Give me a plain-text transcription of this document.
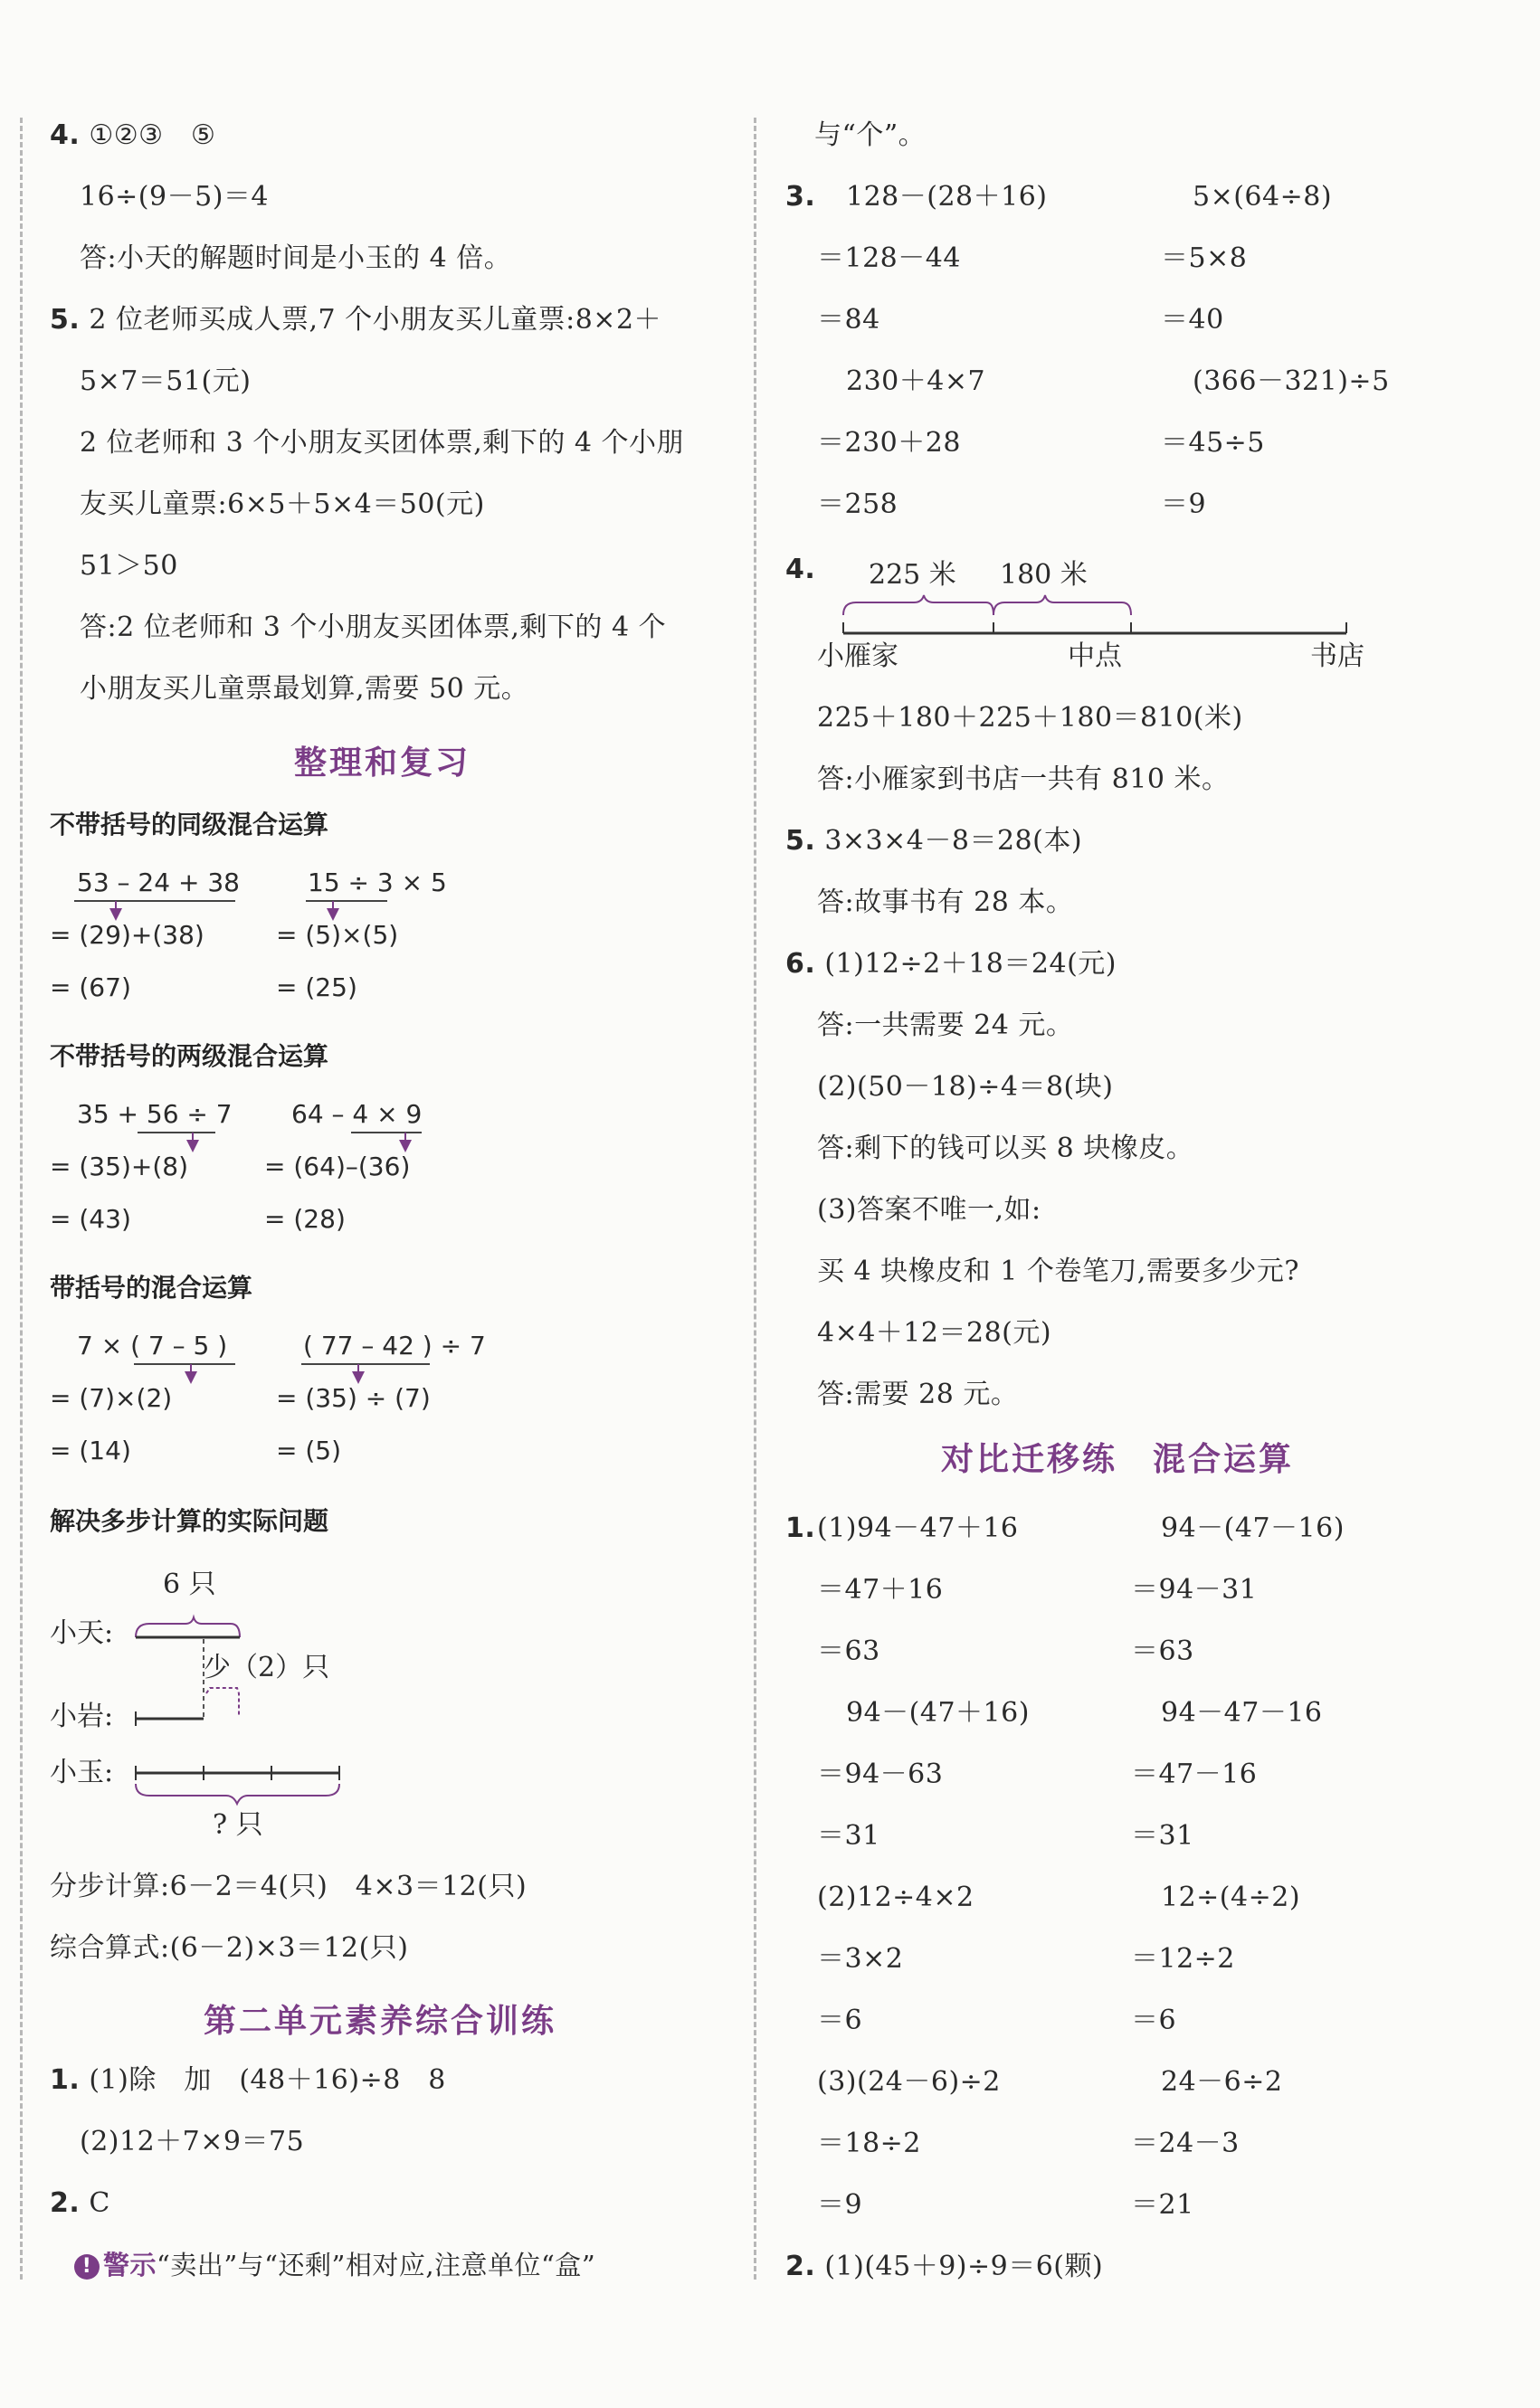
4. ①②③　⑤
16÷(9－5)＝4
答:小天的解题时间是小玉的 4 倍。
5. 2 位老师买成人票,7 个小朋友买儿童票:8×2＋
5×7＝51(元)
2 位老师和 3 个小朋友买团体票,剩下的 4 个小朋
友买儿童票:6×5＋5×4＝50(元)
51＞50
答:2 位老师和 3 个小朋友买团体票,剩下的 4 个
小朋友买儿童票最划算,需要 50 元。
整理和复习
不带括号的同级混合运算
53 – 24 + 38
= (29)+(38)
= (67)
15 ÷ 3 × 5
= (5)×(5)
= (25)
不带括号的两级混合运算
35 + 56 ÷ 7
= (35)+(8)
= (43)
64 – 4 × 9
= (64)–(36)
= (28)
带括号的混合运算
7 × ( 7 – 5 )
= (7)×(2)
= (14)
( 77 – 42 ) ÷ 7
= (35) ÷ (7)
= (5)
解决多步计算的实际问题
6 只
小天:
少（2）只
小岩:
小玉:
? 只
分步计算:6－2＝4(只)　4×3＝12(只)
综合算式:(6－2)×3＝12(只)
第二单元素养综合训练
1. (1)除　加　(48＋16)÷8　8
(2)12＋7×9＝75
2. C
! 警示“卖出”与“还剩”相对应,注意单位“盒”
与“个”。
3. 128－(28＋16)
＝128－44
＝84
5×(64÷8)
＝5×8
＝40
230＋4×7
＝230＋28
＝258
(366－321)÷5
＝45÷5
＝9
4. 225 米 180 米
小雁家	中点	书店
225＋180＋225＋180＝810(米)
答:小雁家到书店一共有 810 米。
5. 3×3×4－8＝28(本)
答:故事书有 28 本。
6. (1)12÷2＋18＝24(元)
答:一共需要 24 元。
(2)(50－18)÷4＝8(块)
答:剩下的钱可以买 8 块橡皮。
(3)答案不唯一,如:
买 4 块橡皮和 1 个卷笔刀,需要多少元?
4×4＋12＝28(元)
答:需要 28 元。
对比迁移练　混合运算
1. (1)94－47＋16
＝47＋16
＝63
94－(47－16)
＝94－31
＝63
94－(47＋16)
＝94－63
＝31
94－47－16
＝47－16
＝31
(2)12÷4×2
＝3×2
＝6
12÷(4÷2)
＝12÷2
＝6
(3)(24－6)÷2
＝18÷2
＝9
24－6÷2
＝24－3
＝21
2. (1)(45＋9)÷9＝6(颗)
